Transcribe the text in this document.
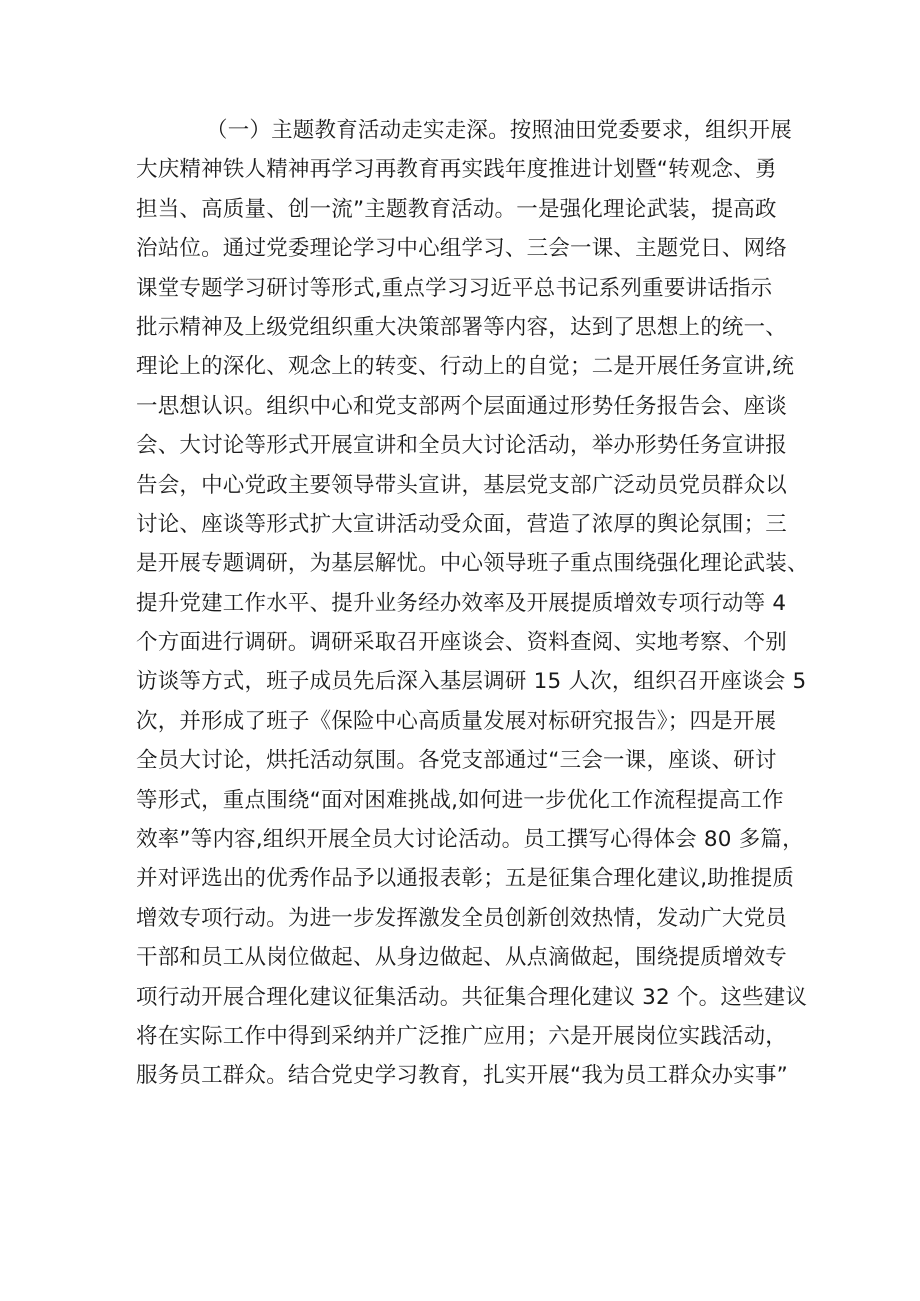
（一）主题教育活动走实走深。按照油田党委要求，组织开展
大庆精神铁人精神再学习再教育再实践年度推进计划暨“转观念、勇
担当、高质量、创一流”主题教育活动。一是强化理论武装，提高政
治站位。通过党委理论学习中心组学习、三会一课、主题党日、网络
课堂专题学习研讨等形式,重点学习习近平总书记系列重要讲话指示
批示精神及上级党组织重大决策部署等内容，达到了思想上的统一、
理论上的深化、观念上的转变、行动上的自觉；二是开展任务宣讲,统
一思想认识。组织中心和党支部两个层面通过形势任务报告会、座谈
会、大讨论等形式开展宣讲和全员大讨论活动，举办形势任务宣讲报
告会，中心党政主要领导带头宣讲，基层党支部广泛动员党员群众以
讨论、座谈等形式扩大宣讲活动受众面，营造了浓厚的舆论氛围；三
是开展专题调研，为基层解忧。中心领导班子重点围绕强化理论武装、
提升党建工作水平、提升业务经办效率及开展提质增效专项行动等 4
个方面进行调研。调研采取召开座谈会、资料查阅、实地考察、个别
访谈等方式，班子成员先后深入基层调研 15 人次，组织召开座谈会 5
次，并形成了班子《保险中心高质量发展对标研究报告》；四是开展
全员大讨论，烘托活动氛围。各党支部通过“三会一课，座谈、研讨
等形式，重点围绕“面对困难挑战,如何进一步优化工作流程提高工作
效率”等内容,组织开展全员大讨论活动。员工撰写心得体会 80 多篇，
并对评选出的优秀作品予以通报表彰；五是征集合理化建议,助推提质
增效专项行动。为进一步发挥激发全员创新创效热情，发动广大党员
干部和员工从岗位做起、从身边做起、从点滴做起，围绕提质增效专
项行动开展合理化建议征集活动。共征集合理化建议 32 个。这些建议
将在实际工作中得到采纳并广泛推广应用；六是开展岗位实践活动，
服务员工群众。结合党史学习教育，扎实开展“我为员工群众办实事”
